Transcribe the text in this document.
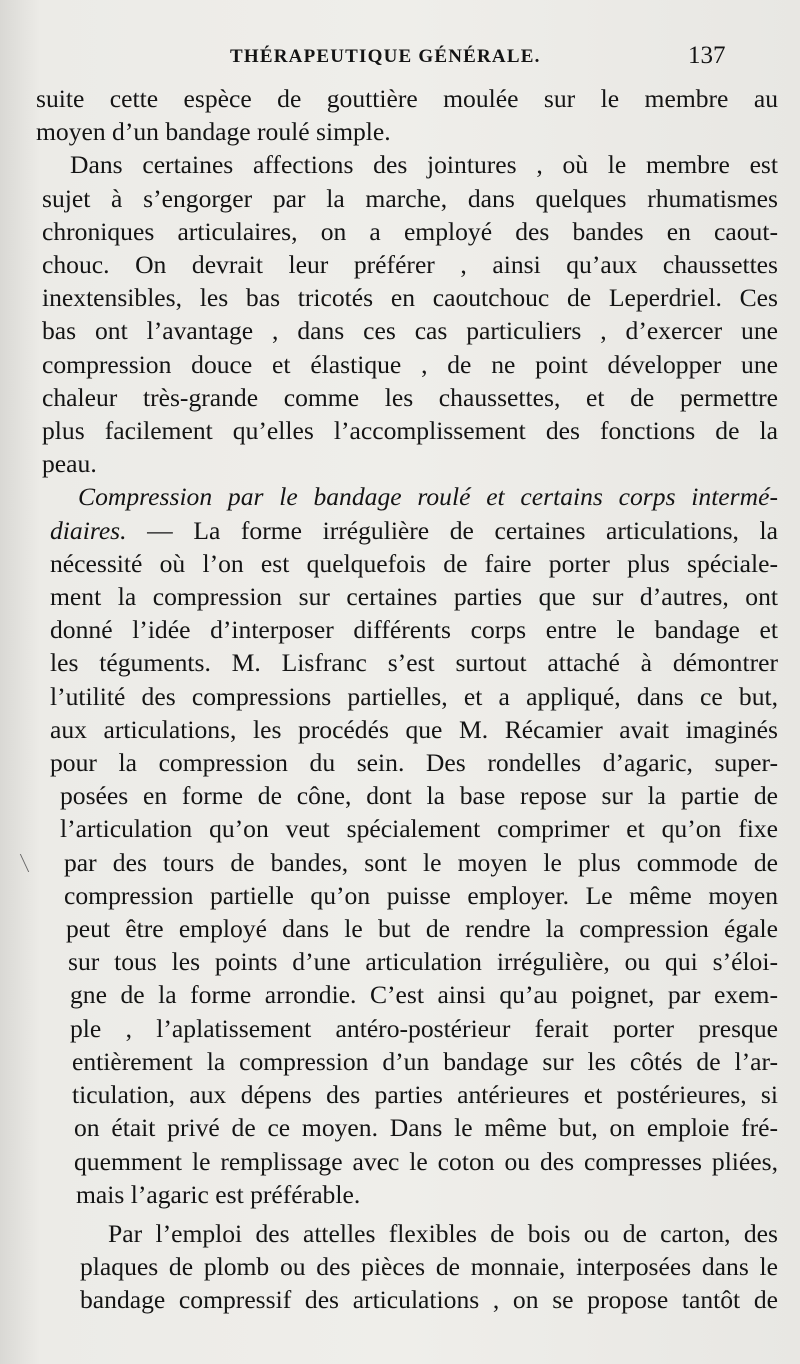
THÉRAPEUTIQUE GÉNÉRALE.	137

suite cette espèce de gouttière moulée sur le membre au
moyen d’un bandage roulé simple.

Dans certaines affections des jointures , où le membre est
sujet à s’engorger par la marche, dans quelques rhumatismes
chroniques articulaires, on a employé des bandes en caout-
chouc. On devrait leur préférer , ainsi qu’aux chaussettes
inextensibles, les bas tricotés en caoutchouc de Leperdriel. Ces
bas ont l’avantage , dans ces cas particuliers , d’exercer une
compression douce et élastique , de ne point développer une
chaleur très-grande comme les chaussettes, et de permettre
plus facilement qu’elles l’accomplissement des fonctions de la
peau.

Compression par le bandage roulé et certains corps intermé-
diaires. — La forme irrégulière de certaines articulations, la
nécessité où l’on est quelquefois de faire porter plus spéciale-
ment la compression sur certaines parties que sur d’autres, ont
donné l’idée d’interposer différents corps entre le bandage et
les téguments. M. Lisfranc s’est surtout attaché à démontrer
l’utilité des compressions partielles, et a appliqué, dans ce but,
aux articulations, les procédés que M. Récamier avait imaginés
pour la compression du sein. Des rondelles d’agaric, super-
posées en forme de cône, dont la base repose sur la partie de
l’articulation qu’on veut spécialement comprimer et qu’on fixe
par des tours de bandes, sont le moyen le plus commode de
compression partielle qu’on puisse employer. Le même moyen
peut être employé dans le but de rendre la compression égale
sur tous les points d’une articulation irrégulière, ou qui s’éloi-
gne de la forme arrondie. C’est ainsi qu’au poignet, par exem-
ple , l’aplatissement antéro-postérieur ferait porter presque
entièrement la compression d’un bandage sur les côtés de l’ar-
ticulation, aux dépens des parties antérieures et postérieures, si
on était privé de ce moyen. Dans le même but, on emploie fré-
quemment le remplissage avec le coton ou des compresses pliées,
mais l’agaric est préférable.

Par l’emploi des attelles flexibles de bois ou de carton, des
plaques de plomb ou des pièces de monnaie, interposées dans le
bandage compressif des articulations , on se propose tantôt de
